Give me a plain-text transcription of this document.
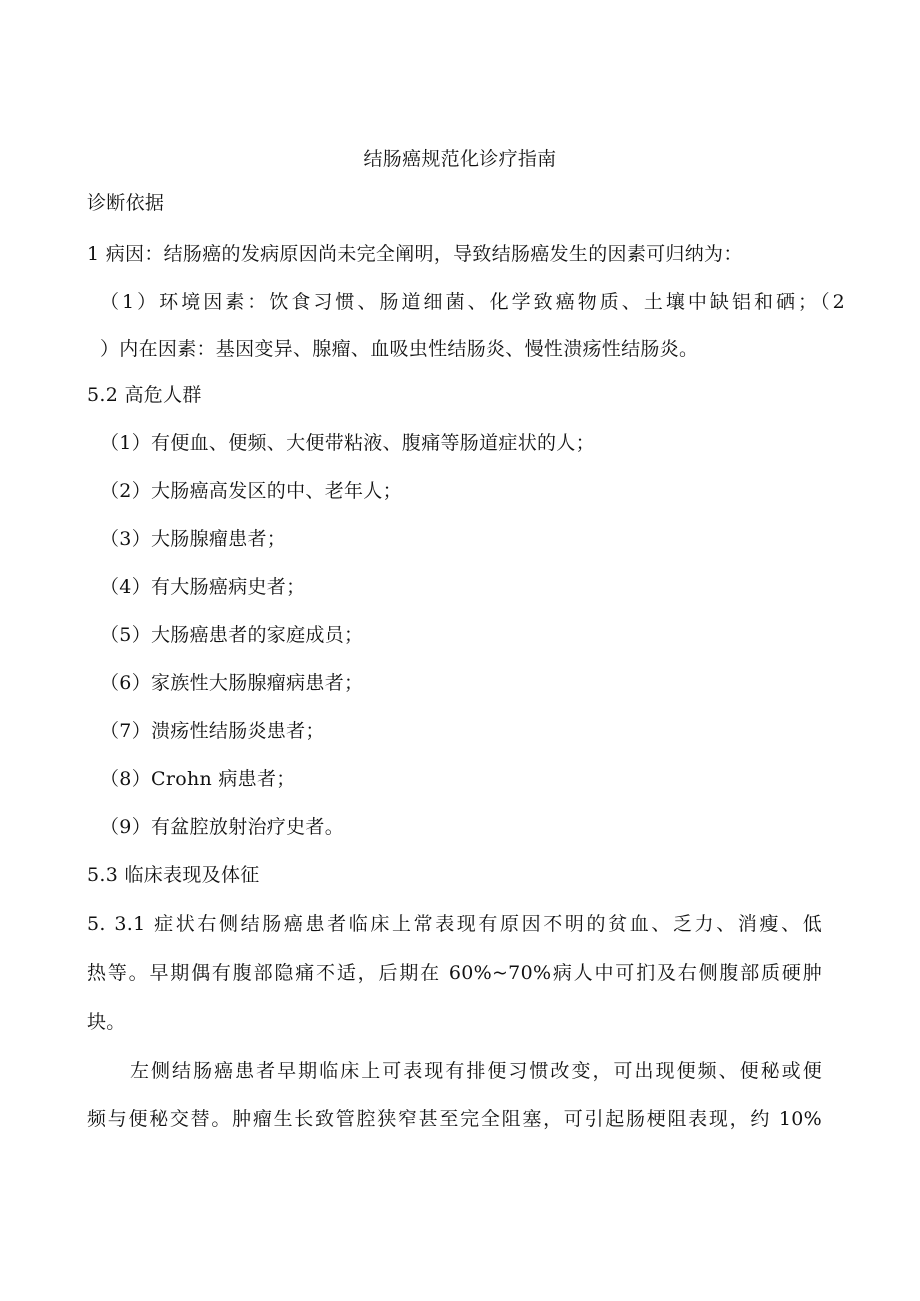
结肠癌规范化诊疗指南
诊断依据
1 病因：结肠癌的发病原因尚未完全阐明，导致结肠癌发生的因素可归纳为：
（1）环境因素：饮食习惯、肠道细菌、化学致癌物质、土壤中缺铝和硒；（2
）内在因素：基因变异、腺瘤、血吸虫性结肠炎、慢性溃疡性结肠炎。
5.2 高危人群
（1）有便血、便频、大便带粘液、腹痛等肠道症状的人；
（2）大肠癌高发区的中、老年人；
（3）大肠腺瘤患者；
（4）有大肠癌病史者；
（5）大肠癌患者的家庭成员；
（6）家族性大肠腺瘤病患者；
（7）溃疡性结肠炎患者；
（8）Crohn 病患者；
（9）有盆腔放射治疗史者。
5.3 临床表现及体征
5. 3.1 症状右侧结肠癌患者临床上常表现有原因不明的贫血、乏力、消瘦、低
热等。早期偶有腹部隐痛不适，后期在 60%~70%病人中可扪及右侧腹部质硬肿
块。
左侧结肠癌患者早期临床上可表现有排便习惯改变，可出现便频、便秘或便
频与便秘交替。肿瘤生长致管腔狭窄甚至完全阻塞，可引起肠梗阻表现，约 10%
